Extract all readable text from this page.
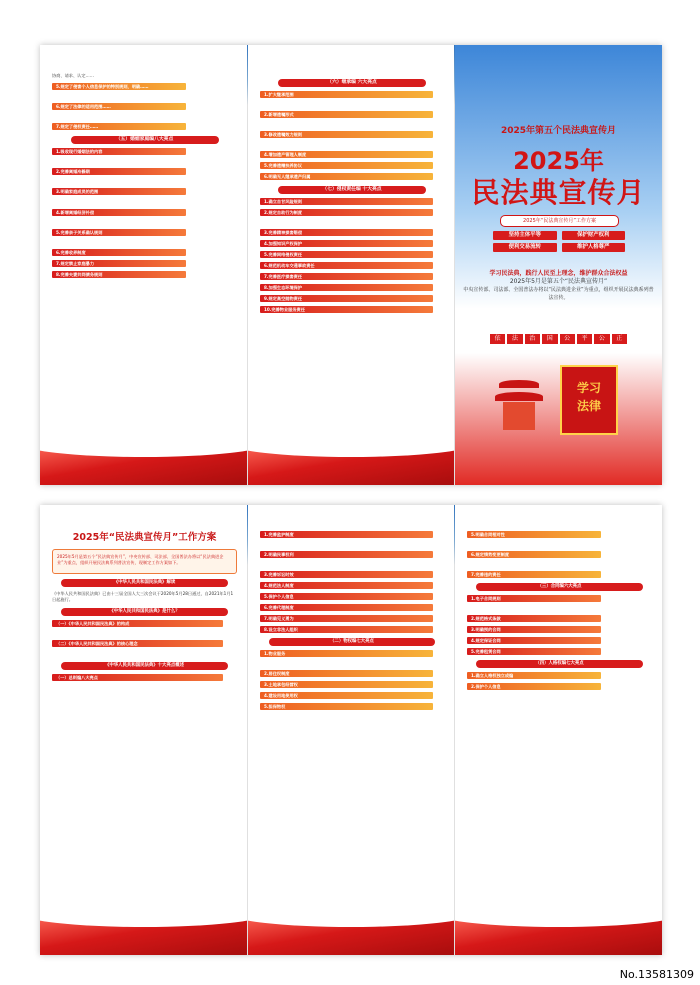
协商、请求、认定……

5.规定了侵害个人信息保护的特别规则，明确……

6.规定了法律的适用范围……

7.规定了侵权责任……
（五）婚姻家庭编八大亮点
1.吸收现行婚姻法的内容

2.完善离婚冷静期

3.明确家庭成员的范围

4.新增离婚经济补偿

5.完善亲子关系确认规则

6.完善收养制度
7.规定禁止家庭暴力
8.完善夫妻共同债务规则
（六）继承编 六大亮点
1.扩大继承范围

2.新增遗嘱形式

3.修改遗嘱效力规则

4.增加遗产管理人制度
5.完善遗赠扶养协议
6.明确无人继承遗产归属
（七）侵权责任编 十大亮点
1.确立自甘风险规则
2.规定自助行为制度

3.完善精神损害赔偿
4.加强知识产权保护
5.完善网络侵权责任
6.规范机动车交通事故责任
7.完善医疗损害责任
8.加强生态环境保护
9.规定高空抛物责任
10.完善物业服务责任
2025年第五个民法典宣传月
2025年
民法典宣传月
2025年“民法典宣传月”工作方案
坚持主体平等	保护财产权利
便利交易流转	维护人格尊严
学习民法典，践行人民至上理念，维护群众合法权益
2025年5月是第五个“民法典宣传月”
中央宣传部、司法部、全国普法办将以“民法典进企业”为重点，组织开展民法典系列普法宣传。
依	法	治	国	公	平	公	正
学习
法律
2025年“民法典宣传月”工作方案

2025年5月是第五个“民法典宣传月”，中央宣传部、司法部、全国普法办将以“民法典进企业”为重点，组织开展民法典系列普法宣传，现制定工作方案如下。

《中华人民共和国民法典》解读

《中华人民共和国民法典》已由十三届全国人大三次会议于2020年5月28日通过，自2021年1月1日起施行。

《中华人民共和国民法典》是什么？
（一）《中华人民共和国民法典》的构成

（二）《中华人民共和国民法典》的核心理念

《中华人民共和国民法典》十大亮点概述
（一）总则编八大亮点
1.完善监护制度

2.明确民事权利

3.完善诉讼时效
4.规范法人制度
5.保护个人信息
6.完善代理制度
7.明确见义勇为
8.设立非法人组织
（二）物权编七大亮点
1.物业服务

2.居住权制度
3.土地承包经营权
4.建设用地使用权
5.担保物权
5.明确合同相对性

6.规定情势变更制度

7.完善违约责任
（三）合同编六大亮点
1.电子合同规则

2.规范格式条款
3.明确预约合同
4.规定保证合同
5.完善租赁合同
（四）人格权编七大亮点
1.确立人格权独立成编
2.保护个人信息
No.13581309
